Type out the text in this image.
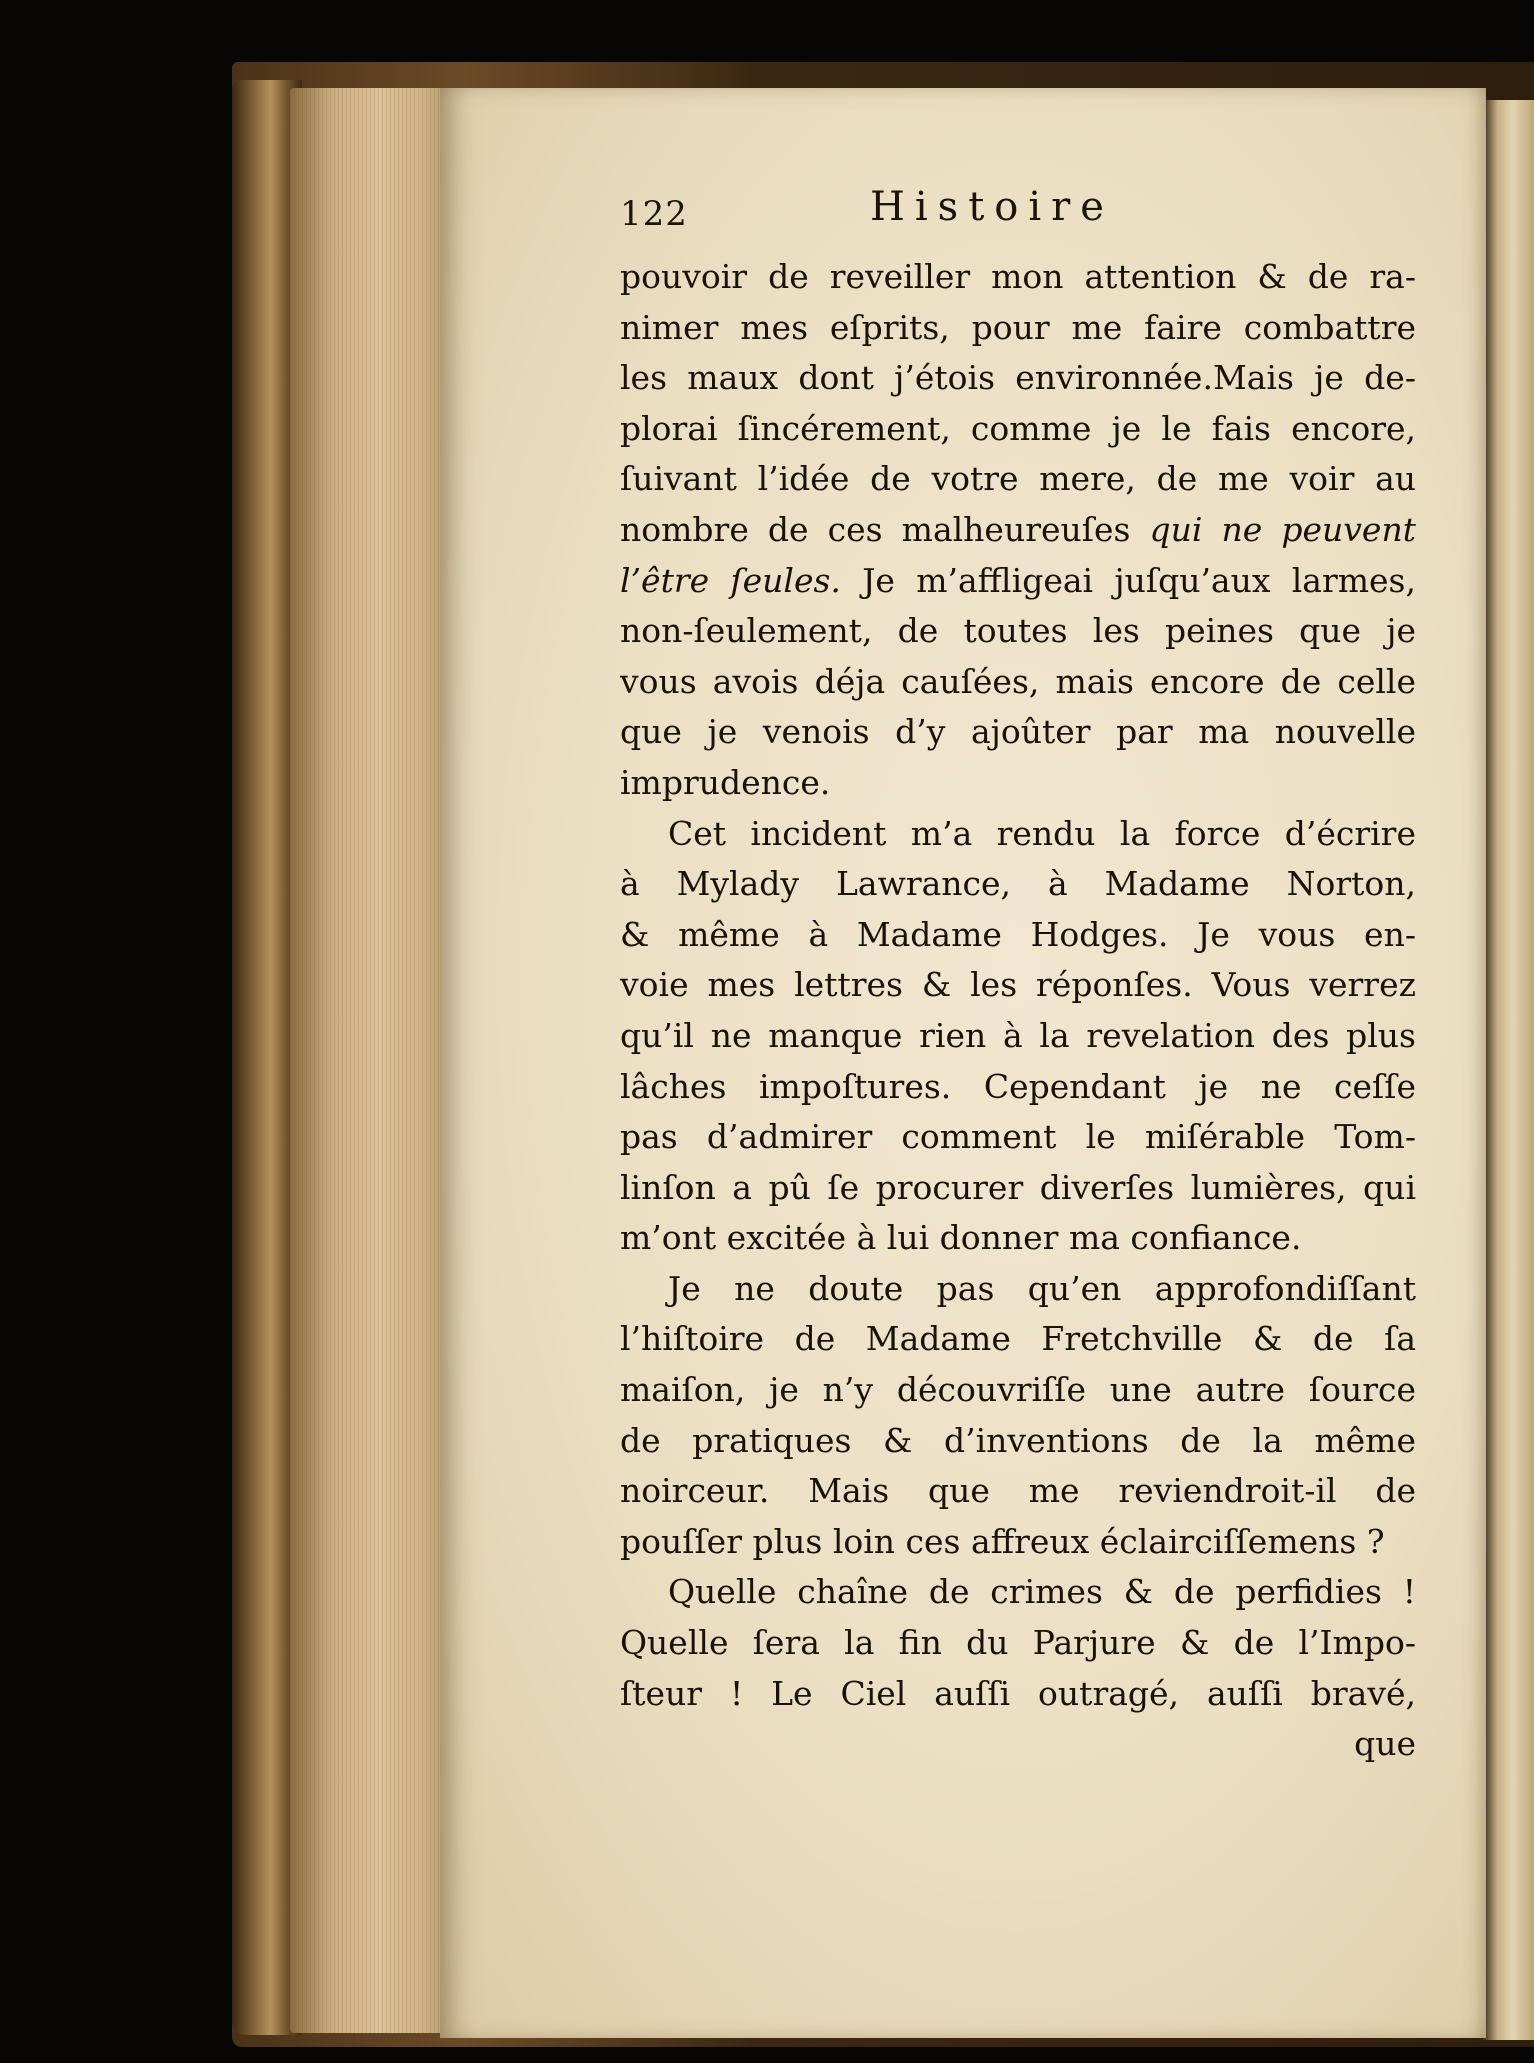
122	Histoire
pouvoir de reveiller mon attention & de ra-
nimer mes eſprits, pour me faire combattre
les maux dont j’étois environnée.Mais je de-
plorai ſincérement, comme je le fais encore,
ſuivant l’idée de votre mere, de me voir au
nombre de ces malheureuſes qui ne peuvent
l’être ſeules. Je m’affligeai juſqu’aux larmes,
non-ſeulement, de toutes les peines que je
vous avois déja cauſées, mais encore de celle
que je venois d’y ajoûter par ma nouvelle
imprudence.
Cet incident m’a rendu la force d’écrire
à Mylady Lawrance, à Madame Norton,
& même à Madame Hodges. Je vous en-
voie mes lettres & les réponſes. Vous verrez
qu’il ne manque rien à la revelation des plus
lâches impoſtures. Cependant je ne ceſſe
pas d’admirer comment le miſérable Tom-
linſon a pû ſe procurer diverſes lumières, qui
m’ont excitée à lui donner ma confiance.
Je ne doute pas qu’en approfondiſſant
l’hiſtoire de Madame Fretchville & de ſa
maiſon, je n’y découvriſſe une autre ſource
de pratiques & d’inventions de la même
noirceur. Mais que me reviendroit-il de
pouſſer plus loin ces affreux éclairciſſemens ?
Quelle chaîne de crimes & de perfidies !
Quelle ſera la fin du Parjure & de l’Impo-
ſteur ! Le Ciel auſſi outragé, auſſi bravé,
que
